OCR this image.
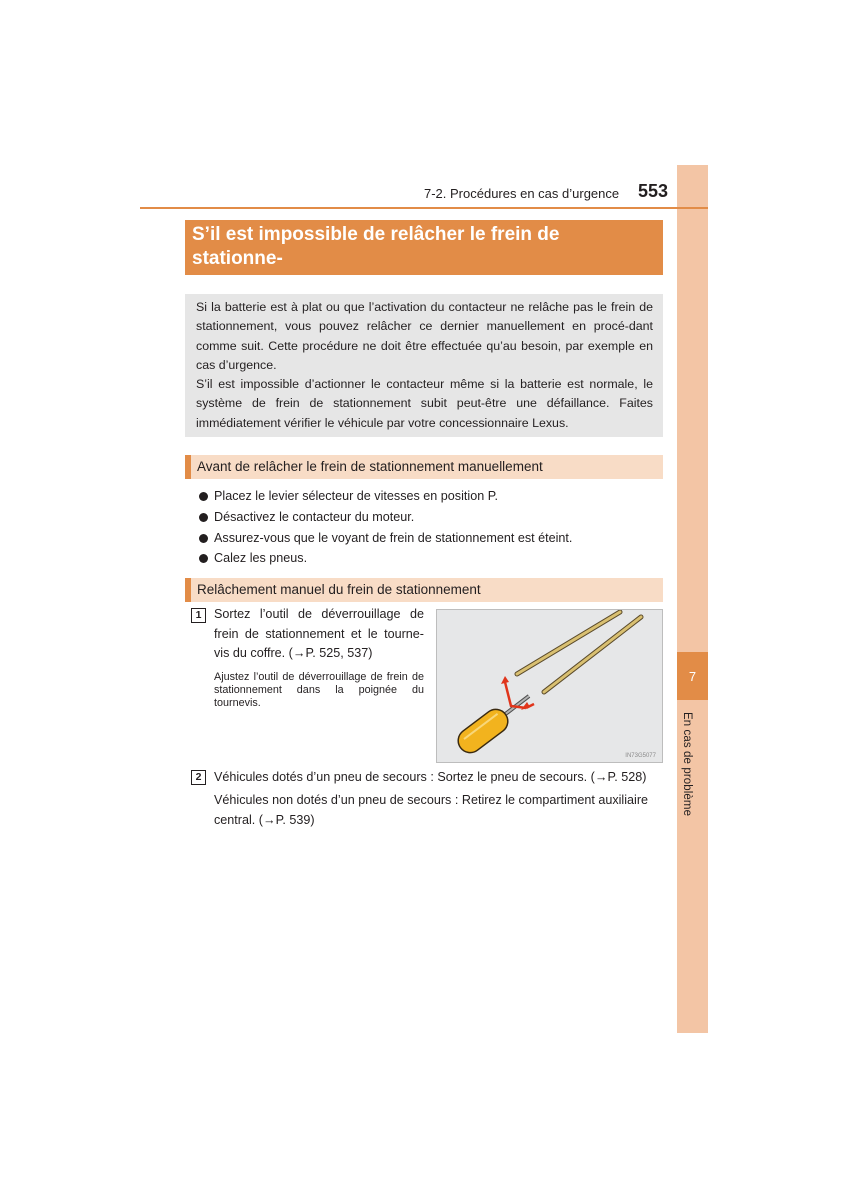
7
En cas de problème
7-2. Procédures en cas d’urgence 553
S’il est impossible de relâcher le frein de stationne-
ment

Si la batterie est à plat ou que l’activation du contacteur ne relâche pas le frein de stationnement, vous pouvez relâcher ce dernier manuellement en procé-dant comme suit. Cette procédure ne doit être effectuée qu’au besoin, par exemple en cas d’urgence.

S’il est impossible d’actionner le contacteur même si la batterie est normale, le système de frein de stationnement subit peut-être une défaillance. Faites immédiatement vérifier le véhicule par votre concessionnaire Lexus.

Avant de relâcher le frein de stationnement manuellement
Placez le levier sélecteur de vitesses en position P.
Désactivez le contacteur du moteur.
Assurez-vous que le voyant de frein de stationnement est éteint.
Calez les pneus.
Relâchement manuel du frein de stationnement
1 Sortez l’outil de déverrouillage de frein de stationnement et le tourne-vis du coffre. (→P. 525, 537)
Ajustez l’outil de déverrouillage de frein de stationnement dans la poignée du tournevis.
IN73G5077
2 Véhicules dotés d’un pneu de secours : Sortez le pneu de secours. (→P. 528)

Véhicules non dotés d’un pneu de secours : Retirez le compartiment auxiliaire central. (→P. 539)
